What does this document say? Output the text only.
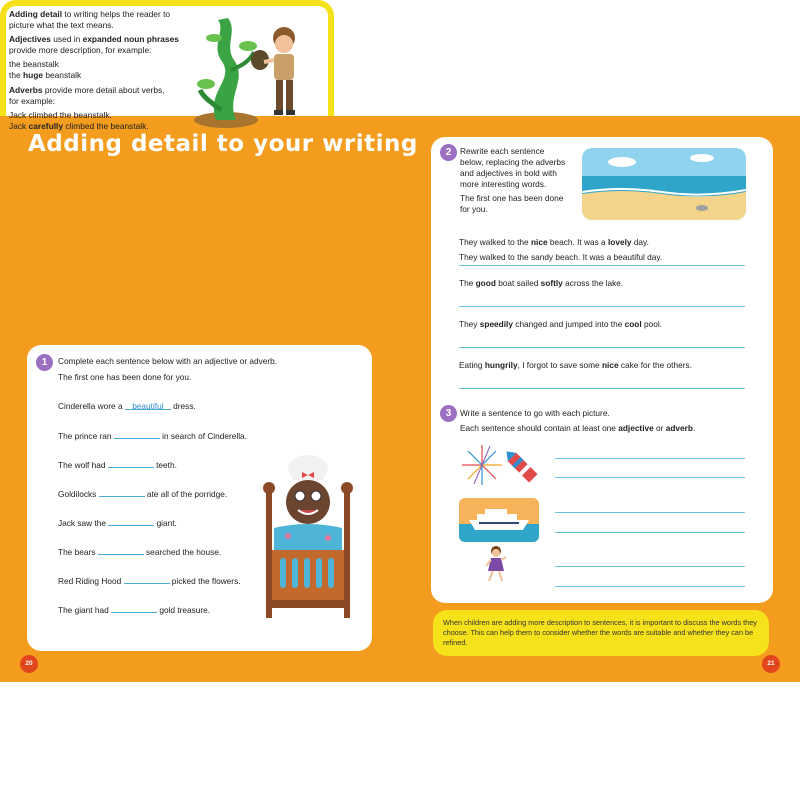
Adding detail to your writing

Adding detail to writing helps the reader to

picture what the text means.

Adjectives used in expanded noun phrases

provide more description, for example:

the beanstalk

the huge beanstalk

Adverbs provide more detail about verbs,

for example:

Jack climbed the beanstalk.

Jack carefully climbed the beanstalk.

1	Complete each sentence below with an adjective or adverb.

The first one has been done for you.

Cinderella wore a beautiful dress.

The prince ran	in search of Cinderella.

The wolf had	teeth.

Goldilocks	ate all of the porridge.

Jack saw the	giant.

The bears	searched the house.

Red Riding Hood	picked the flowers.

The giant had	gold treasure.

2	Rewrite each sentence
below, replacing the adverbs
and adjectives in bold with
more interesting words.
The first one has been done
for you.

They walked to the nice beach. It was a lovely day.

The good boat sailed softly across the lake.

They speedily changed and jumped into the cool pool.

Eating hungrily, I forgot to save some nice cake for the others.

They walked to the sandy beach. It was a beautiful day.

3	Write a sentence to go with each picture.

Each sentence should contain at least one adjective or adverb.

When children are adding more description to sentences, it is important to discuss the words they choose. This can help them to consider whether the words are suitable and whether they can be refined.
20	21
